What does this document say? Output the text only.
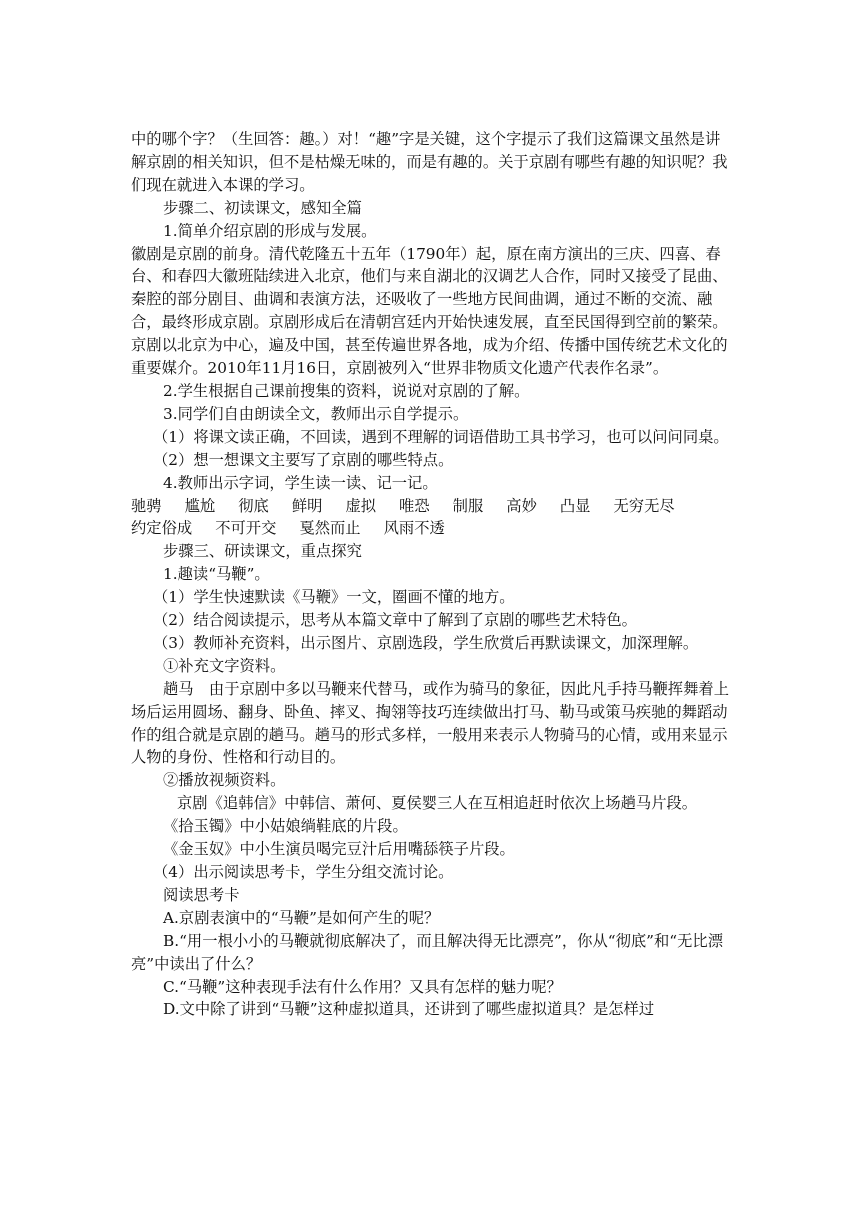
中的哪个字？（生回答：趣。）对！“趣”字是关键，这个字提示了我们这篇课文虽然是讲解京剧的相关知识，但不是枯燥无味的，而是有趣的。关于京剧有哪些有趣的知识呢？我们现在就进入本课的学习。

步骤二、初读课文，感知全篇

1.简单介绍京剧的形成与发展。

徽剧是京剧的前身。清代乾隆五十五年（1790年）起，原在南方演出的三庆、四喜、春台、和春四大徽班陆续进入北京，他们与来自湖北的汉调艺人合作，同时又接受了昆曲、秦腔的部分剧目、曲调和表演方法，还吸收了一些地方民间曲调，通过不断的交流、融合，最终形成京剧。京剧形成后在清朝宫廷内开始快速发展，直至民国得到空前的繁荣。

京剧以北京为中心，遍及中国，甚至传遍世界各地，成为介绍、传播中国传统艺术文化的重要媒介。2010年11月16日，京剧被列入“世界非物质文化遗产代表作名录”。

2.学生根据自己课前搜集的资料，说说对京剧的了解。

3.同学们自由朗读全文，教师出示自学提示。

（1）将课文读正确，不回读，遇到不理解的词语借助工具书学习，也可以问问同桌。

（2）想一想课文主要写了京剧的哪些特点。

4.教师出示字词，学生读一读、记一记。

驰骋 尴尬 彻底 鲜明 虚拟 唯恐 制服 高妙 凸显 无穷无尽
约定俗成 不可开交 戛然而止 风雨不透

步骤三、研读课文，重点探究

1.趣读“马鞭”。

（1）学生快速默读《马鞭》一文，圈画不懂的地方。

（2）结合阅读提示，思考从本篇文章中了解到了京剧的哪些艺术特色。

（3）教师补充资料，出示图片、京剧选段，学生欣赏后再默读课文，加深理解。

①补充文字资料。

趟马　由于京剧中多以马鞭来代替马，或作为骑马的象征，因此凡手持马鞭挥舞着上场后运用圆场、翻身、卧鱼、摔叉、掏翎等技巧连续做出打马、勒马或策马疾驰的舞蹈动作的组合就是京剧的趟马。趟马的形式多样，一般用来表示人物骑马的心情，或用来显示人物的身份、性格和行动目的。

②播放视频资料。

京剧《追韩信》中韩信、萧何、夏侯婴三人在互相追赶时依次上场趟马片段。

《拾玉镯》中小姑娘绱鞋底的片段。

《金玉奴》中小生演员喝完豆汁后用嘴舔筷子片段。

（4）出示阅读思考卡，学生分组交流讨论。

阅读思考卡

A.京剧表演中的“马鞭”是如何产生的呢？

B.“用一根小小的马鞭就彻底解决了，而且解决得无比漂亮”，你从“彻底”和“无比漂亮”中读出了什么？

C.“马鞭”这种表现手法有什么作用？又具有怎样的魅力呢？

D.文中除了讲到“马鞭”这种虚拟道具，还讲到了哪些虚拟道具？是怎样过
